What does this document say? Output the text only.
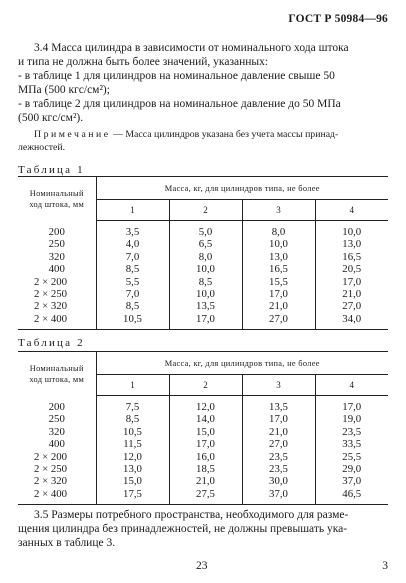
ГОСТ Р 50984—96
3.4 Масса цилиндра в зависимости от номинального хода штока
и типа не должна быть более значений, указанных:
- в таблице 1 для цилиндров на номинальное давление свыше 50
МПа (500 кгс/см²);
- в таблице 2 для цилиндров на номинальное давление до 50 МПа
(500 кгс/см²).
Примечание — Масса цилиндров указана без учета массы принад-
лежностей.
Таблица 1
Номинальный
ход штока, мм	Масса, кг, для цилиндров типа, не более			
	1	2	3	4
200	3,5	5,0	8,0	10,0
250	4,0	6,5	10,0	13,0
320	7,0	8,0	13,0	16,5
400	8,5	10,0	16,5	20,5
2 × 200	5,5	8,5	15,5	17,0
2 × 250	7,0	10,0	17,0	21,0
2 × 320	8,5	13,5	21,0	27,0
2 × 400	10,5	17,0	27,0	34,0
Таблица 2
Номинальный
ход штока, мм	Масса, кг, для цилиндров типа, не более			
	1	2	3	4
200	7,5	12,0	13,5	17,0
250	8,5	14,0	17,0	19,0
320	10,5	15,0	21,0	23,5
400	11,5	17,0	27,0	33,5
2 × 200	12,0	16,0	23,5	25,5
2 × 250	13,0	18,5	23,5	29,0
2 × 320	15,0	21,0	30,0	37,0
2 × 400	17,5	27,5	37,0	46,5
3.5 Размеры потребного пространства, необходимого для разме-
щения цилиндра без принадлежностей, не должны превышать ука-
занных в таблице 3.
23	3
